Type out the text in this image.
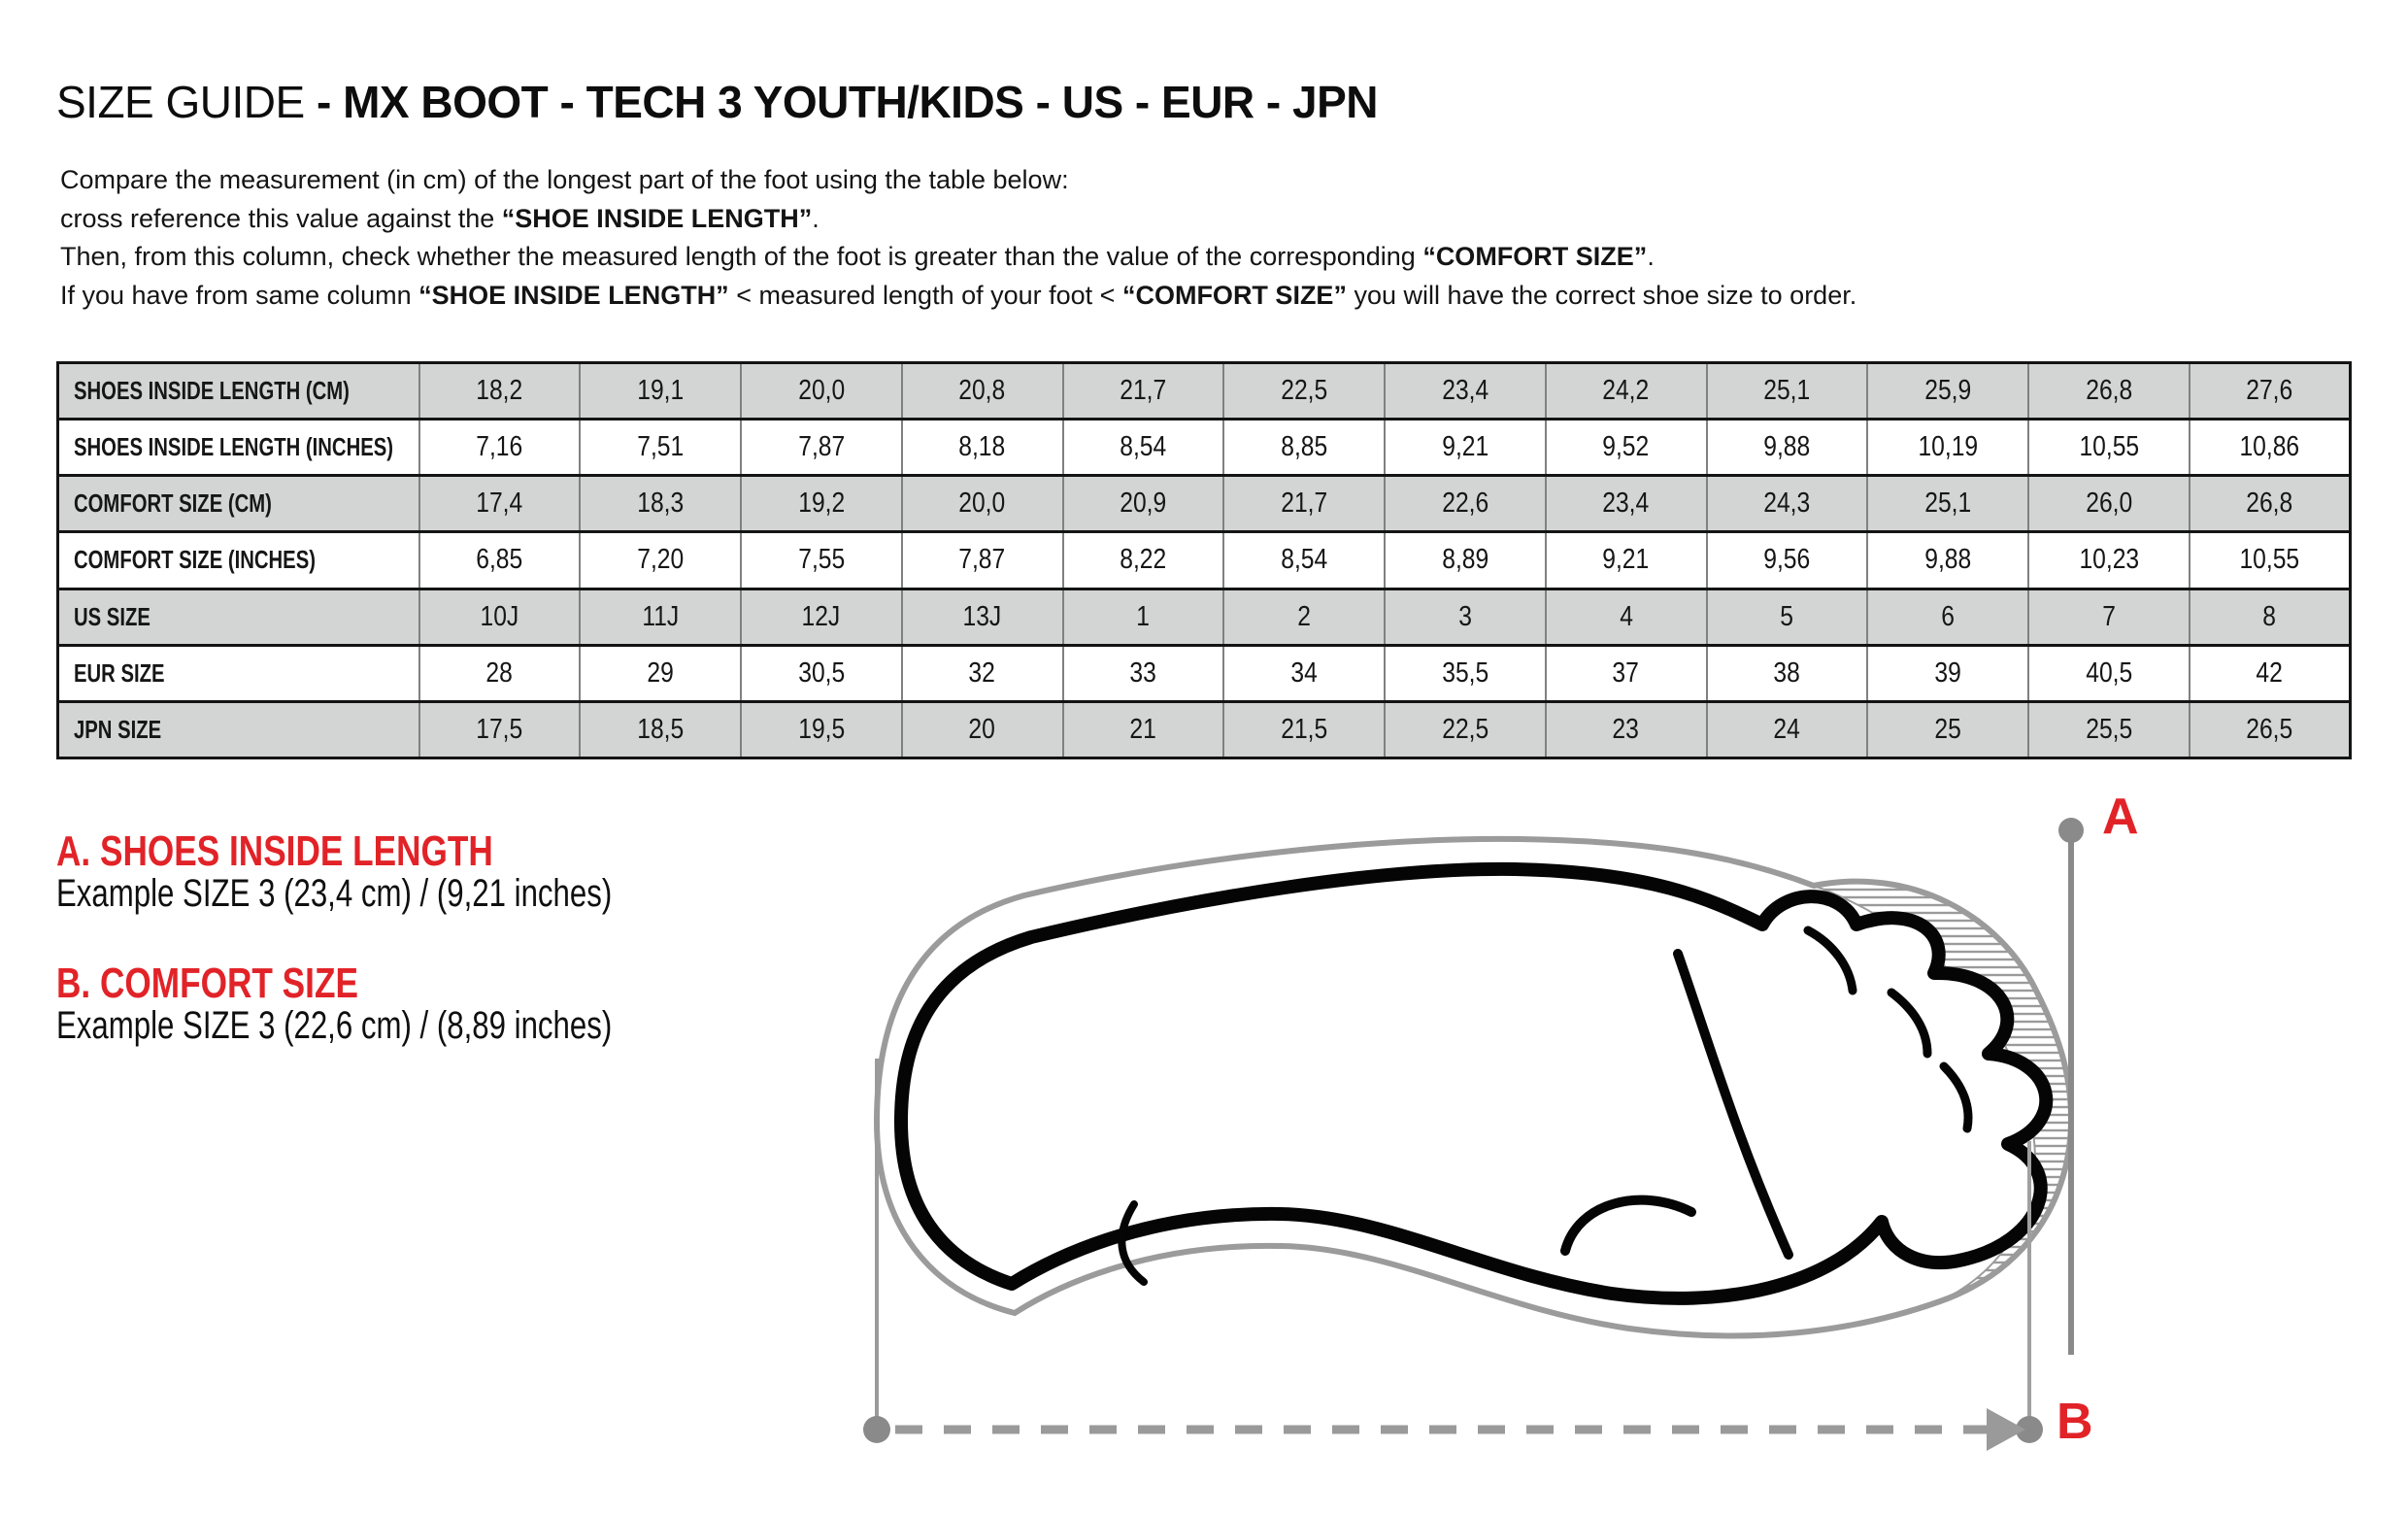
SIZE GUIDE - MX BOOT - TECH 3 YOUTH/KIDS - US - EUR - JPN

Compare the measurement (in cm) of the longest part of the foot using the table below:

cross reference this value against the “SHOE INSIDE LENGTH”.

Then, from this column, check whether the measured length of the foot is greater than the value of the corresponding “COMFORT SIZE”.

If you have from same column “SHOE INSIDE LENGTH” < measured length of your foot < “COMFORT SIZE” you will have the correct shoe size to order.

SHOES INSIDE LENGTH (CM)	18,2	19,1	20,0	20,8	21,7	22,5	23,4	24,2	25,1	25,9	26,8	27,6
SHOES INSIDE LENGTH (INCHES)	7,16	7,51	7,87	8,18	8,54	8,85	9,21	9,52	9,88	10,19	10,55	10,86
COMFORT SIZE (CM)	17,4	18,3	19,2	20,0	20,9	21,7	22,6	23,4	24,3	25,1	26,0	26,8
COMFORT SIZE (INCHES)	6,85	7,20	7,55	7,87	8,22	8,54	8,89	9,21	9,56	9,88	10,23	10,55
US SIZE	10J	11J	12J	13J	1	2	3	4	5	6	7	8
EUR SIZE	28	29	30,5	32	33	34	35,5	37	38	39	40,5	42
JPN SIZE	17,5	18,5	19,5	20	21	21,5	22,5	23	24	25	25,5	26,5
A. SHOES INSIDE LENGTH

Example SIZE 3 (23,4 cm) / (9,21 inches)

B. COMFORT SIZE

Example SIZE 3 (22,6 cm) / (8,89 inches)

A
B
